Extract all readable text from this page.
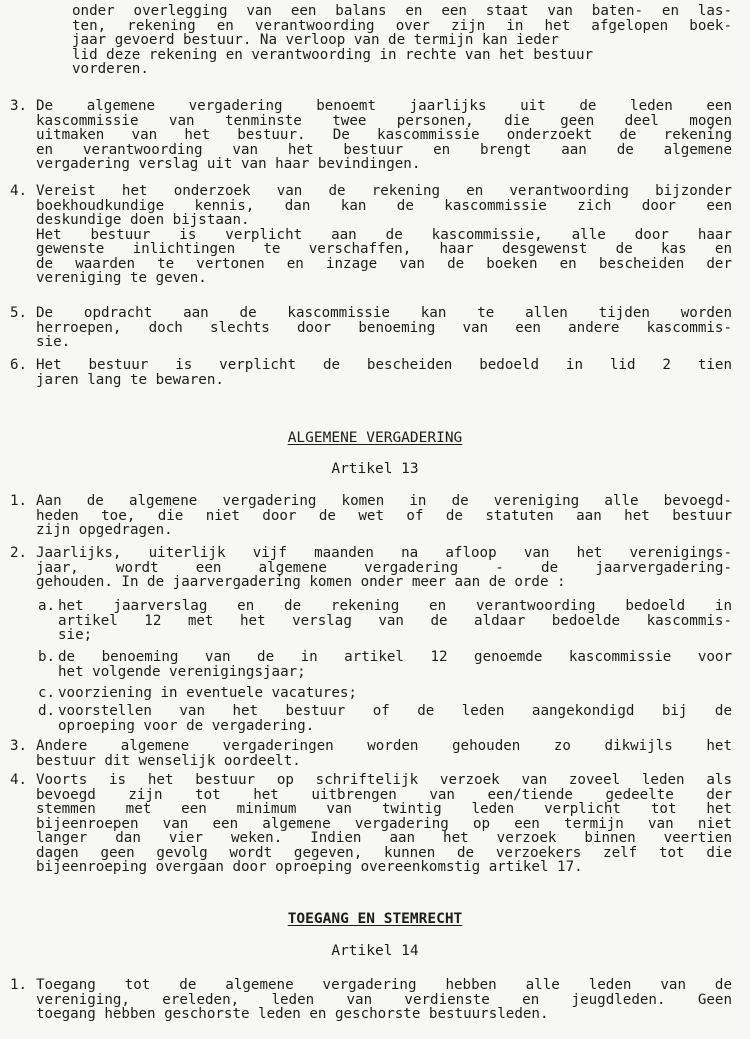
onder overlegging van een balans en een staat van baten- en las-
ten, rekening en verantwoording over zijn in het afgelopen boek-
jaar gevoerd bestuur. Na verloop van de termijn kan ieder
lid deze rekening en verantwoording in rechte van het bestuur
vorderen.
3. De algemene vergadering benoemt jaarlijks uit de leden een
kascommissie van tenminste twee personen, die geen deel mogen
uitmaken van het bestuur. De kascommissie onderzoekt de rekening
en verantwoording van het bestuur en brengt aan de algemene
vergadering verslag uit van haar bevindingen.
4. Vereist het onderzoek van de rekening en verantwoording bijzonder
boekhoudkundige kennis, dan kan de kascommissie zich door een
deskundige doen bijstaan.
Het bestuur is verplicht aan de kascommissie, alle door haar
gewenste inlichtingen te verschaffen, haar desgewenst de kas en
de waarden te vertonen en inzage van de boeken en bescheiden der
vereniging te geven.
5. De opdracht aan de kascommissie kan te allen tijden worden
herroepen, doch slechts door benoeming van een andere kascommis-
sie.
6. Het bestuur is verplicht de bescheiden bedoeld in lid 2 tien
jaren lang te bewaren.
ALGEMENE VERGADERING
Artikel 13
1. Aan de algemene vergadering komen in de vereniging alle bevoegd-
heden toe, die niet door de wet of de statuten aan het bestuur
zijn opgedragen.
2. Jaarlijks, uiterlijk vijf maanden na afloop van het verenigings-
jaar, wordt een algemene vergadering - de jaarvergadering-
gehouden. In de jaarvergadering komen onder meer aan de orde :
a. het jaarverslag en de rekening en verantwoording bedoeld in
artikel 12 met het verslag van de aldaar bedoelde kascommis-
sie;
b. de benoeming van de in artikel 12 genoemde kascommissie voor
het volgende verenigingsjaar;
c. voorziening in eventuele vacatures;
d. voorstellen van het bestuur of de leden aangekondigd bij de
oproeping voor de vergadering.
3. Andere algemene vergaderingen worden gehouden zo dikwijls het
bestuur dit wenselijk oordeelt.
4. Voorts is het bestuur op schriftelijk verzoek van zoveel leden als
bevoegd zijn tot het uitbrengen van een/tiende gedeelte der
stemmen met een minimum van twintig leden verplicht tot het
bijeenroepen van een algemene vergadering op een termijn van niet
langer dan vier weken. Indien aan het verzoek binnen veertien
dagen geen gevolg wordt gegeven, kunnen de verzoekers zelf tot die
bijeenroeping overgaan door oproeping overeenkomstig artikel 17.
TOEGANG EN STEMRECHT
Artikel 14
1. Toegang tot de algemene vergadering hebben alle leden van de
vereniging, ereleden, leden van verdienste en jeugdleden. Geen
toegang hebben geschorste leden en geschorste bestuursleden.
